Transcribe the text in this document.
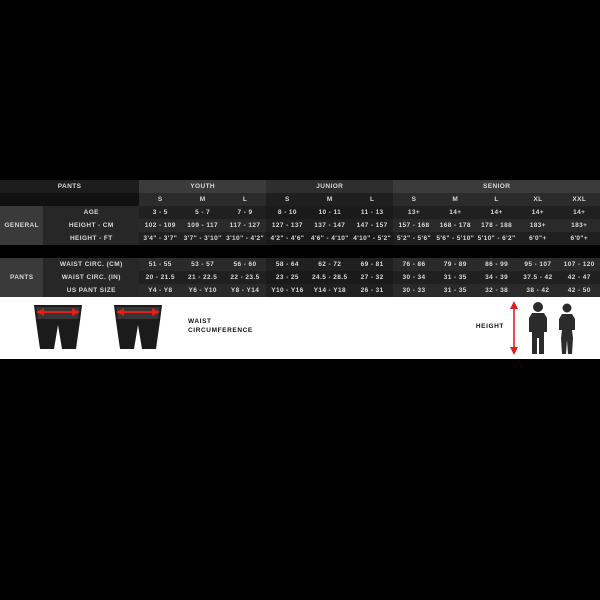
PANTS		YOUTH			JUNIOR			SENIOR				
		S	M	L	S	M	L	S	M	L	XL	XXL
GENERAL	AGE	3 - 5	5 - 7	7 - 9	8 - 10	10 - 11	11 - 13	13+	14+	14+	14+	14+
	HEIGHT - CM	102 - 109	109 - 117	117 - 127	127 - 137	137 - 147	147 - 157	157 - 168	168 - 178	178 - 188	183+	183+
	HEIGHT - FT	3'4" - 3'7"	3'7" - 3'10"	3'10" - 4'2"	4'2" - 4'6"	4'6" - 4'10"	4'10" - 5'2"	5'2" - 5'6"	5'6" - 5'10"	5'10" - 6'2"	6'0"+	6'0"+

PANTS	WAIST CIRC. (CM)	51 - 55	53 - 57	56 - 60	58 - 64	62 - 72	69 - 81	76 - 86	79 - 89	86 - 99	95 - 107	107 - 120
	WAIST CIRC. (IN)	20 - 21.5	21 - 22.5	22 - 23.5	23 - 25	24.5 - 28.5	27 - 32	30 - 34	31 - 35	34 - 39	37.5 - 42	42 - 47
	US PANT SIZE	Y4 - Y8	Y6 - Y10	Y8 - Y14	Y10 - Y16	Y14 - Y18	26 - 31	30 - 33	31 - 35	32 - 38	38 - 42	42 - 50
WAIST
CIRCUMFERENCE
HEIGHT
